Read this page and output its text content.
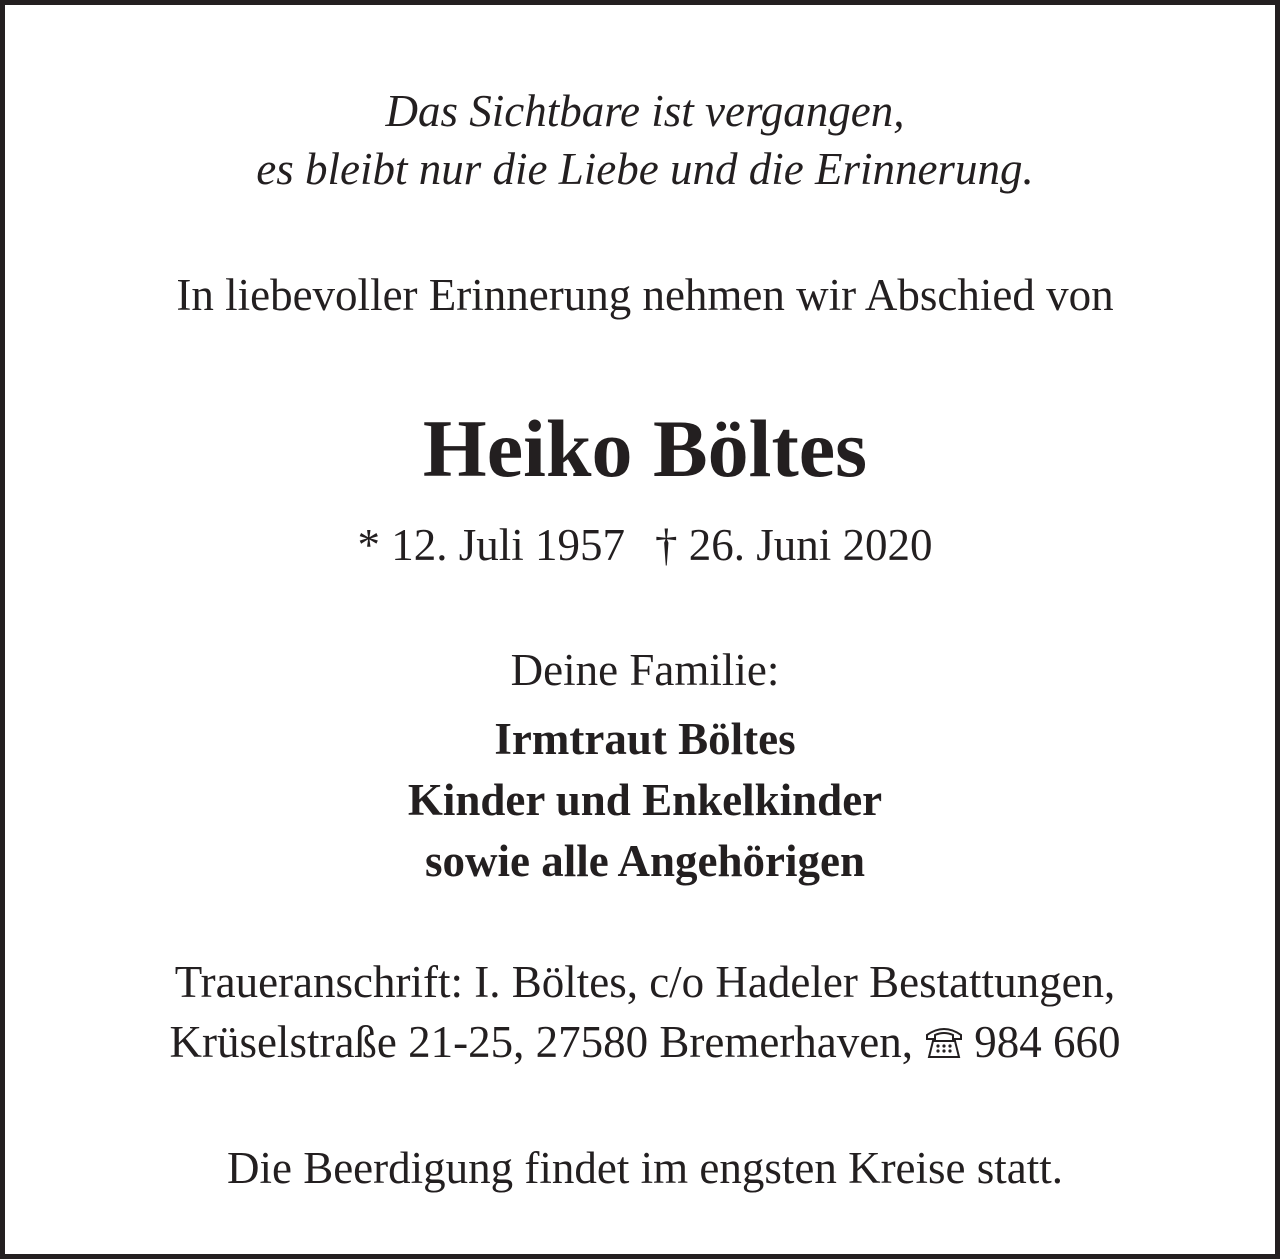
Das Sichtbare ist vergangen,
es bleibt nur die Liebe und die Erinnerung.
In liebevoller Erinnerung nehmen wir Abschied von
Heiko Böltes
* 12. Juli 1957 † 26. Juni 2020
Deine Familie:
Irmtraut Böltes
Kinder und Enkelkinder
sowie alle Angehörigen
Traueranschrift: I. Böltes, c/o Hadeler Bestattungen,
Krüselstraße 21-25, 27580 Bremerhaven, 984 660
Die Beerdigung findet im engsten Kreise statt.
